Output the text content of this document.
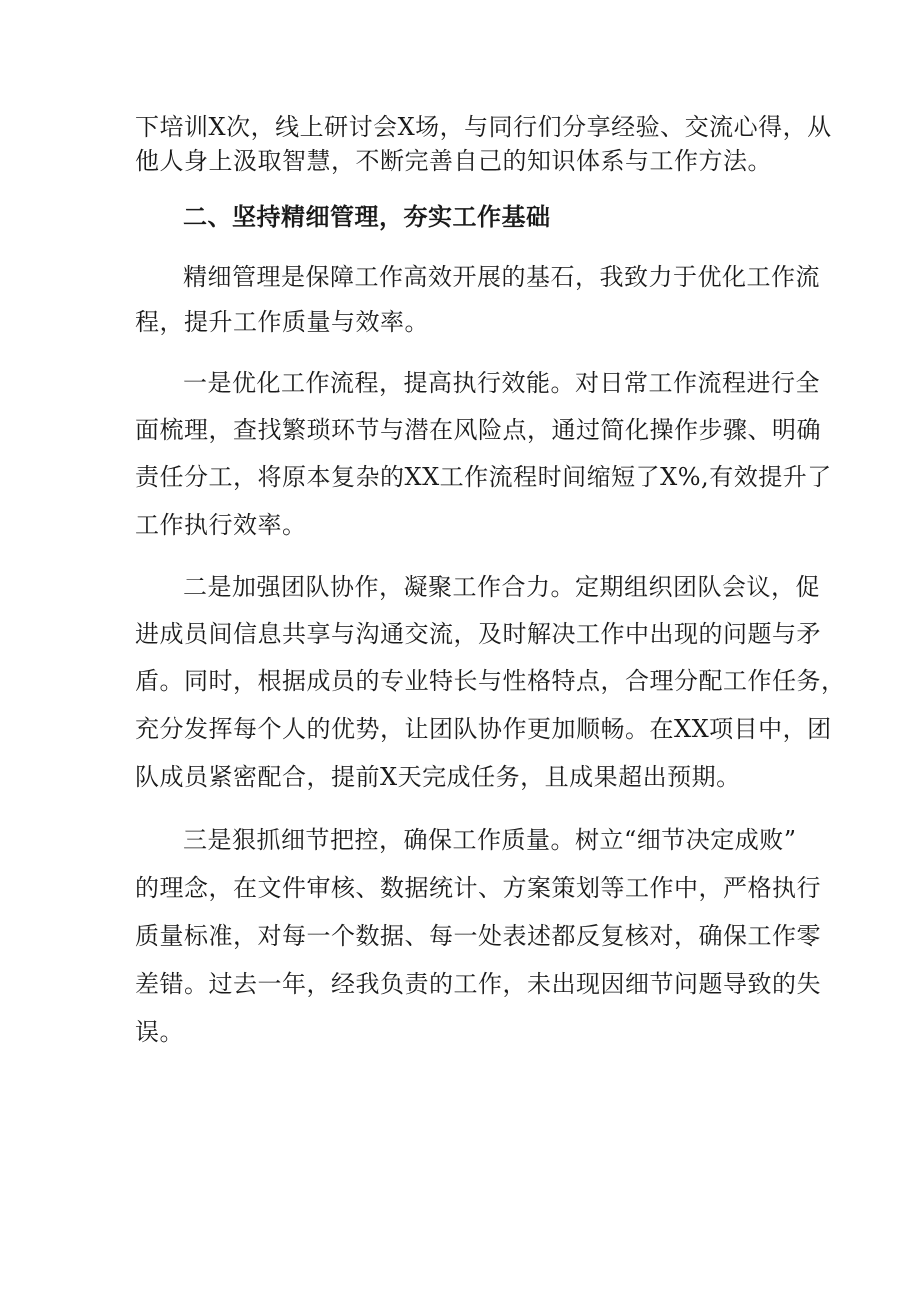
下培训X次，线上研讨会X场，与同行们分享经验、交流心得，从
他人身上汲取智慧，不断完善自己的知识体系与工作方法。
二、坚持精细管理，夯实工作基础
精细管理是保障工作高效开展的基石，我致力于优化工作流
程，提升工作质量与效率。
一是优化工作流程，提高执行效能。对日常工作流程进行全
面梳理，查找繁琐环节与潜在风险点，通过简化操作步骤、明确
责任分工，将原本复杂的XX工作流程时间缩短了X%,有效提升了
工作执行效率。
二是加强团队协作，凝聚工作合力。定期组织团队会议，促
进成员间信息共享与沟通交流，及时解决工作中出现的问题与矛
盾。同时，根据成员的专业特长与性格特点，合理分配工作任务，
充分发挥每个人的优势，让团队协作更加顺畅。在XX项目中，团
队成员紧密配合，提前X天完成任务，且成果超出预期。
三是狠抓细节把控，确保工作质量。树立“细节决定成败”
的理念，在文件审核、数据统计、方案策划等工作中，严格执行
质量标准，对每一个数据、每一处表述都反复核对，确保工作零
差错。过去一年，经我负责的工作，未出现因细节问题导致的失
误。
